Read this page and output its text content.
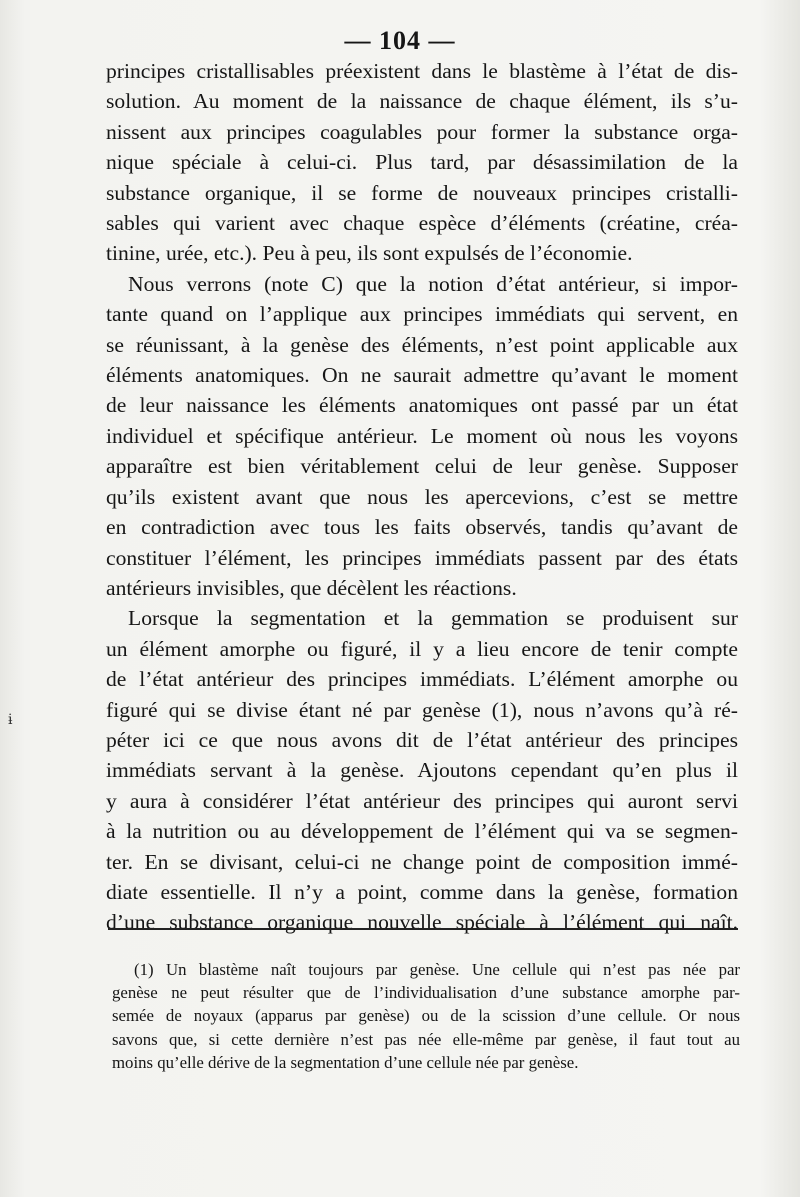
— 104 —
ɨ
principes cristallisables préexistent dans le blastème à l’état de dis-
solution. Au moment de la naissance de chaque élément, ils s’u-
nissent aux principes coagulables pour former la substance orga-
nique spéciale à celui-ci. Plus tard, par désassimilation de la
substance organique, il se forme de nouveaux principes cristalli-
sables qui varient avec chaque espèce d’éléments (créatine, créa-
tinine, urée, etc.). Peu à peu, ils sont expulsés de l’économie.
Nous verrons (note C) que la notion d’état antérieur, si impor-
tante quand on l’applique aux principes immédiats qui servent, en
se réunissant, à la genèse des éléments, n’est point applicable aux
éléments anatomiques. On ne saurait admettre qu’avant le moment
de leur naissance les éléments anatomiques ont passé par un état
individuel et spécifique antérieur. Le moment où nous les voyons
apparaître est bien véritablement celui de leur genèse. Supposer
qu’ils existent avant que nous les apercevions, c’est se mettre
en contradiction avec tous les faits observés, tandis qu’avant de
constituer l’élément, les principes immédiats passent par des états
antérieurs invisibles, que décèlent les réactions.
Lorsque la segmentation et la gemmation se produisent sur
un élément amorphe ou figuré, il y a lieu encore de tenir compte
de l’état antérieur des principes immédiats. L’élément amorphe ou
figuré qui se divise étant né par genèse (1), nous n’avons qu’à ré-
péter ici ce que nous avons dit de l’état antérieur des principes
immédiats servant à la genèse. Ajoutons cependant qu’en plus il
y aura à considérer l’état antérieur des principes qui auront servi
à la nutrition ou au développement de l’élément qui va se segmen-
ter. En se divisant, celui-ci ne change point de composition immé-
diate essentielle. Il n’y a point, comme dans la genèse, formation
d’une substance organique nouvelle spéciale à l’élément qui naît.
(1) Un blastème naît toujours par genèse. Une cellule qui n’est pas née par
genèse ne peut résulter que de l’individualisation d’une substance amorphe par-
semée de noyaux (apparus par genèse) ou de la scission d’une cellule. Or nous
savons que, si cette dernière n’est pas née elle-même par genèse, il faut tout au
moins qu’elle dérive de la segmentation d’une cellule née par genèse.
